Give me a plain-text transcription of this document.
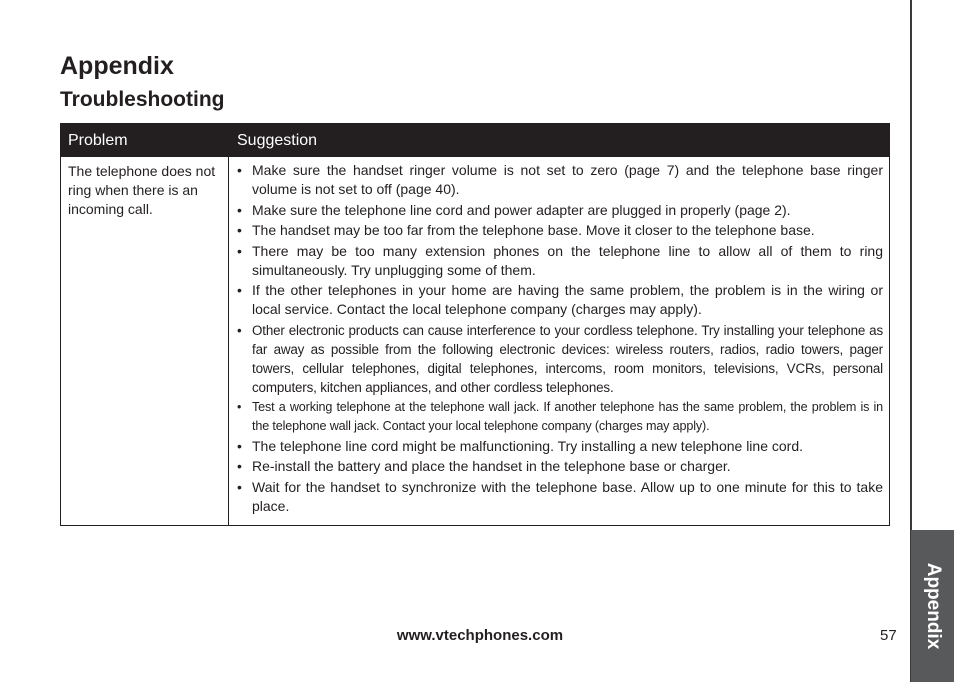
Appendix
Appendix
Troubleshooting
Problem	Suggestion
The telephone does not ring when there is an incoming call.
• Make sure the handset ringer volume is not set to zero (page 7) and the telephone base ringer volume is not set to off (page 40).
• Make sure the telephone line cord and power adapter are plugged in properly (page 2).
• The handset may be too far from the telephone base. Move it closer to the telephone base.
• There may be too many extension phones on the telephone line to allow all of them to ring simultaneously. Try unplugging some of them.
• If the other telephones in your home are having the same problem, the problem is in the wiring or local service. Contact the local telephone company (charges may apply).
• Other electronic products can cause interference to your cordless telephone. Try installing your telephone as far away as possible from the following electronic devices: wireless routers, radios, radio towers, pager towers, cellular telephones, digital telephones, intercoms, room monitors, televisions, VCRs, personal computers, kitchen appliances, and other cordless telephones.
• Test a working telephone at the telephone wall jack. If another telephone has the same problem, the problem is in the telephone wall jack. Contact your local telephone company (charges may apply).
• The telephone line cord might be malfunctioning. Try installing a new telephone line cord.
• Re-install the battery and place the handset in the telephone base or charger.
• Wait for the handset to synchronize with the telephone base. Allow up to one minute for this to take place.
www.vtechphones.com	57
